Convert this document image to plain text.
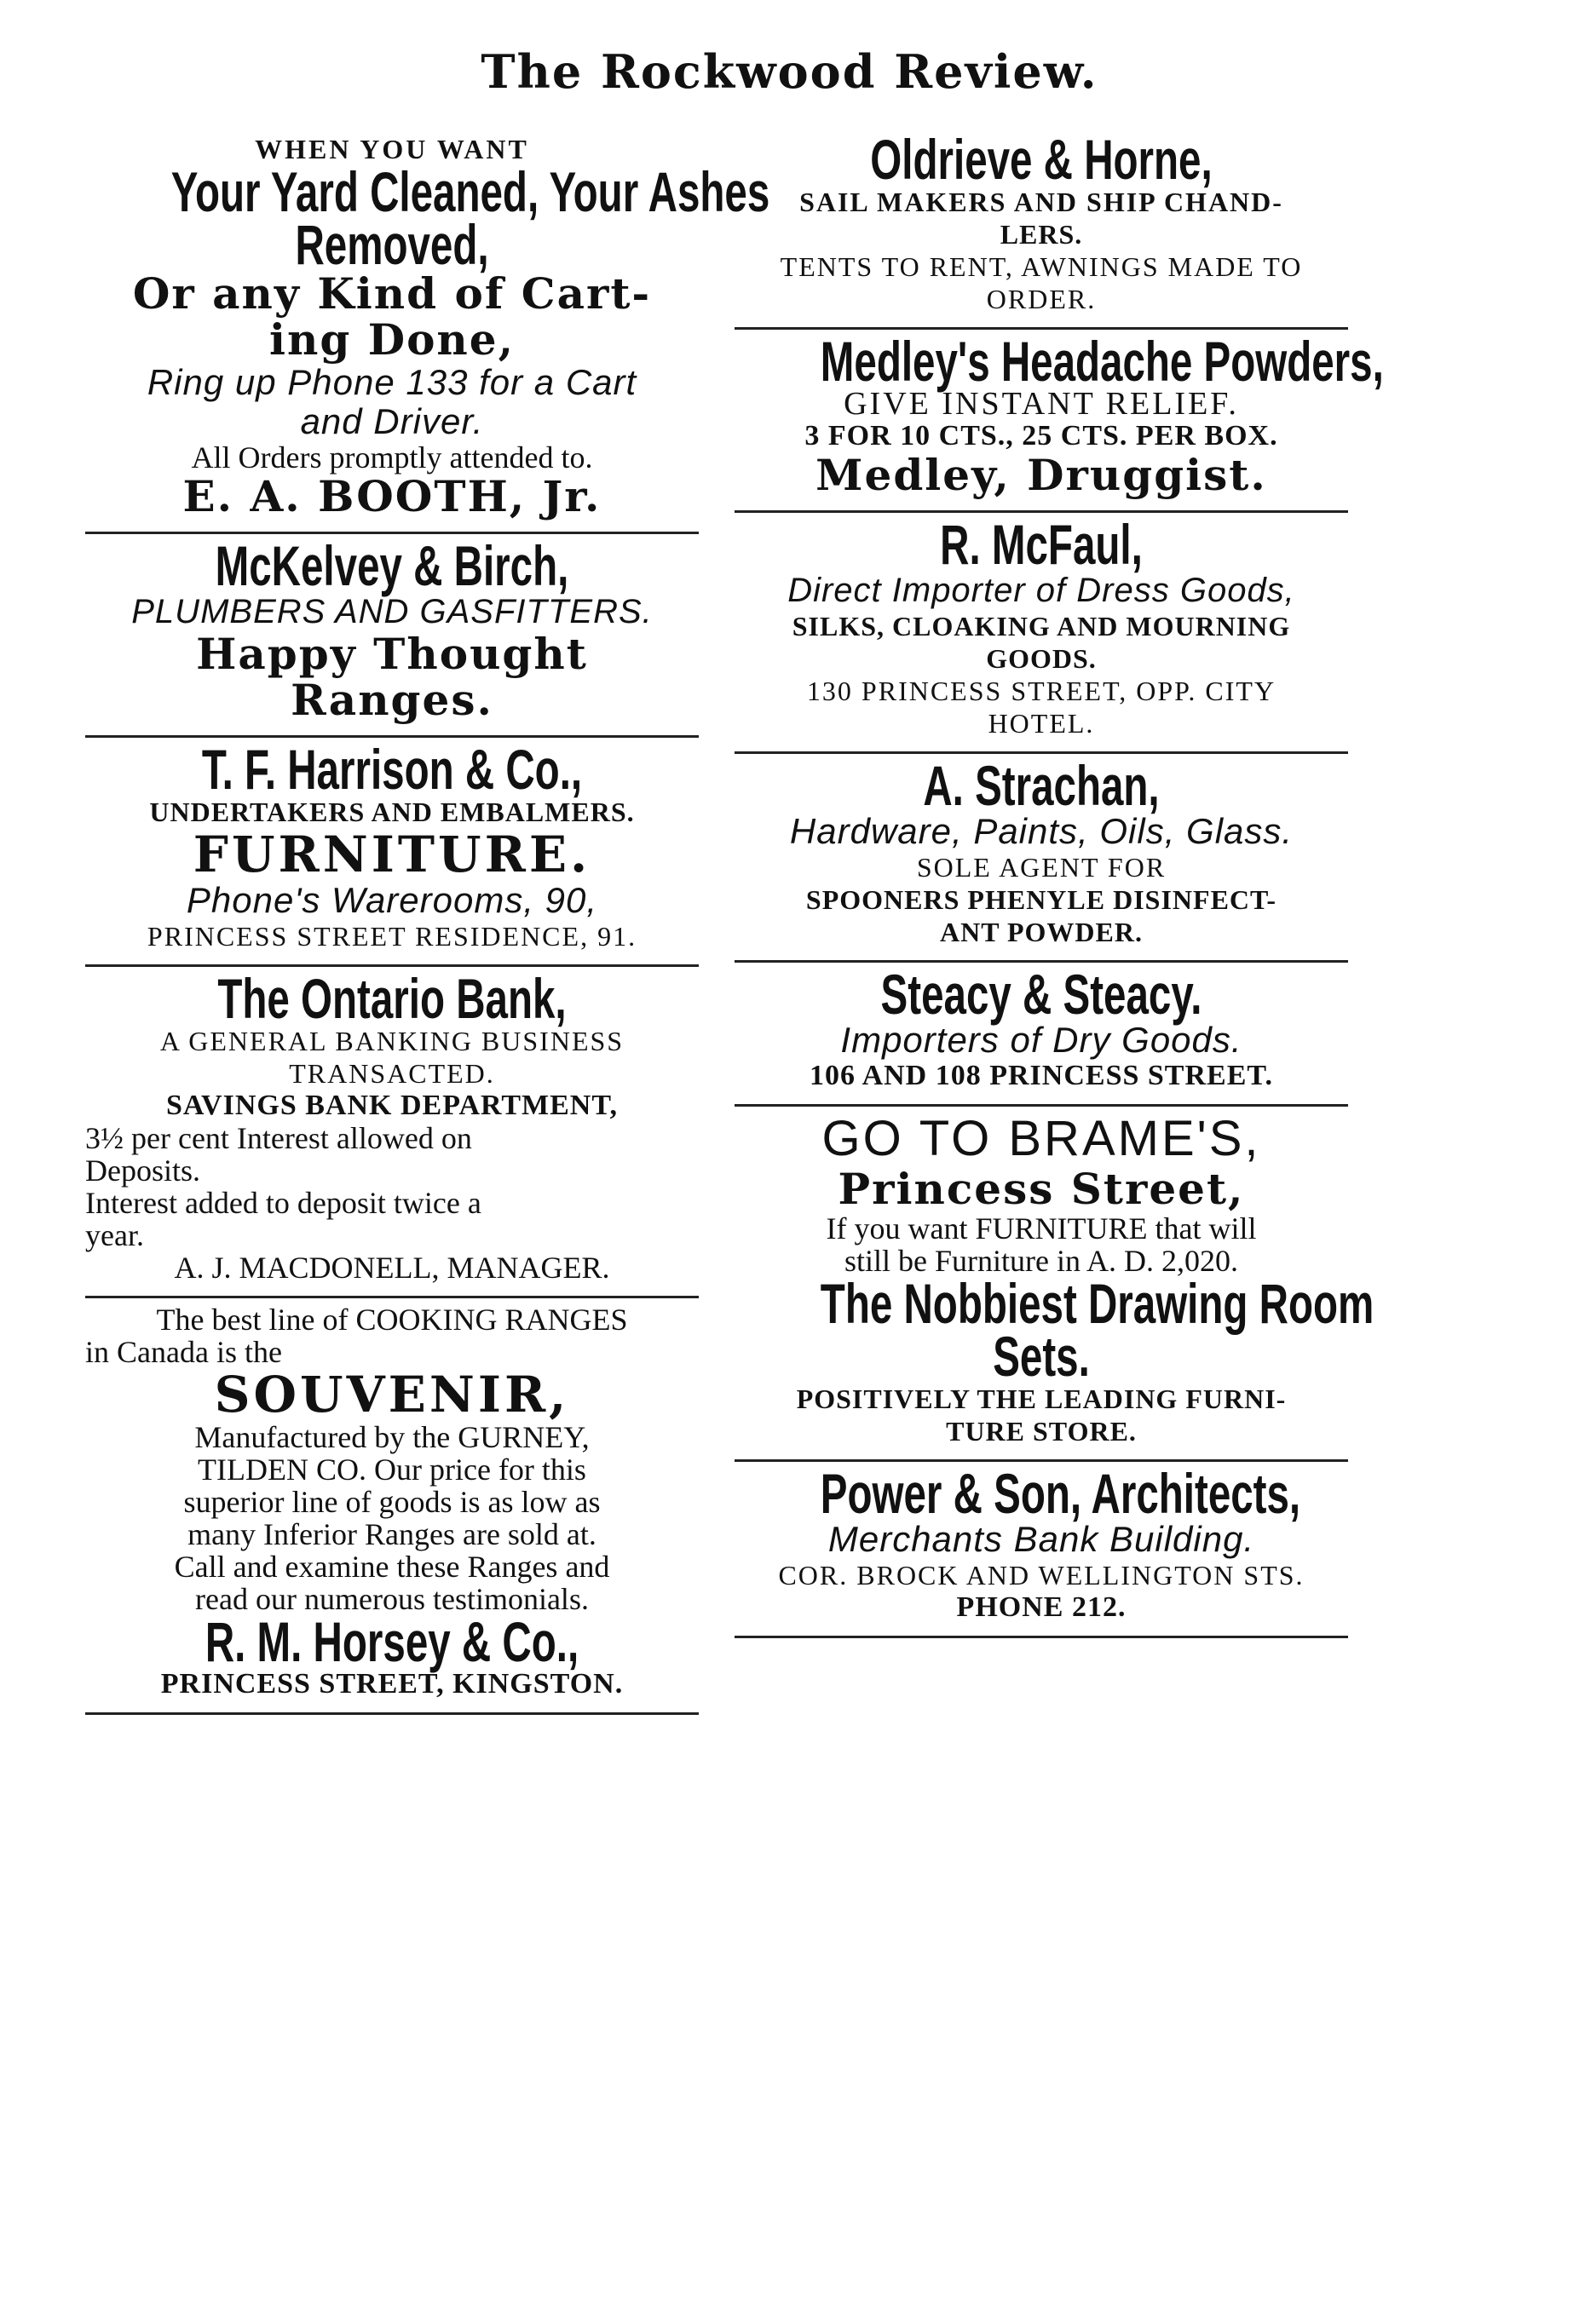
The Rockwood Review.
WHEN YOU WANT
Your Yard Cleaned, Your Ashes
Removed,
Or any Kind of Cart-
ing Done,
Ring up Phone 133 for a Cart
and Driver.
All Orders promptly attended to.
E. A. BOOTH, Jr.
McKelvey & Birch,
PLUMBERS AND GASFITTERS.
Happy Thought
Ranges.
T. F. Harrison & Co.,
UNDERTAKERS AND EMBALMERS.
FURNITURE.
Phone's Warerooms, 90,
PRINCESS STREET RESIDENCE, 91.
The Ontario Bank,
A GENERAL BANKING BUSINESS
TRANSACTED.
SAVINGS BANK DEPARTMENT,
3½ per cent Interest allowed on
Deposits.
Interest added to deposit twice a
year.
A. J. MACDONELL, MANAGER.
The best line of COOKING RANGES
in Canada is the
SOUVENIR,
Manufactured by the GURNEY,
TILDEN CO. Our price for this
superior line of goods is as low as
many Inferior Ranges are sold at.
Call and examine these Ranges and
read our numerous testimonials.
R. M. Horsey & Co.,
PRINCESS STREET, KINGSTON.
Oldrieve & Horne,
SAIL MAKERS AND SHIP CHAND-
LERS.
TENTS TO RENT, AWNINGS MADE TO
ORDER.
Medley's Headache Powders,
GIVE INSTANT RELIEF.
3 FOR 10 CTS., 25 CTS. PER BOX.
Medley, Druggist.
R. McFaul,
Direct Importer of Dress Goods,
SILKS, CLOAKING AND MOURNING
GOODS.
130 PRINCESS STREET, OPP. CITY
HOTEL.
A. Strachan,
Hardware, Paints, Oils, Glass.
SOLE AGENT FOR
SPOONERS PHENYLE DISINFECT-
ANT POWDER.
Steacy & Steacy.
Importers of Dry Goods.
106 AND 108 PRINCESS STREET.
GO TO BRAME'S,
Princess Street,
If you want FURNITURE that will
still be Furniture in A. D. 2,020.
The Nobbiest Drawing Room
Sets.
POSITIVELY THE LEADING FURNI-
TURE STORE.
Power & Son, Architects,
Merchants Bank Building.
COR. BROCK AND WELLINGTON STS.
PHONE 212.
